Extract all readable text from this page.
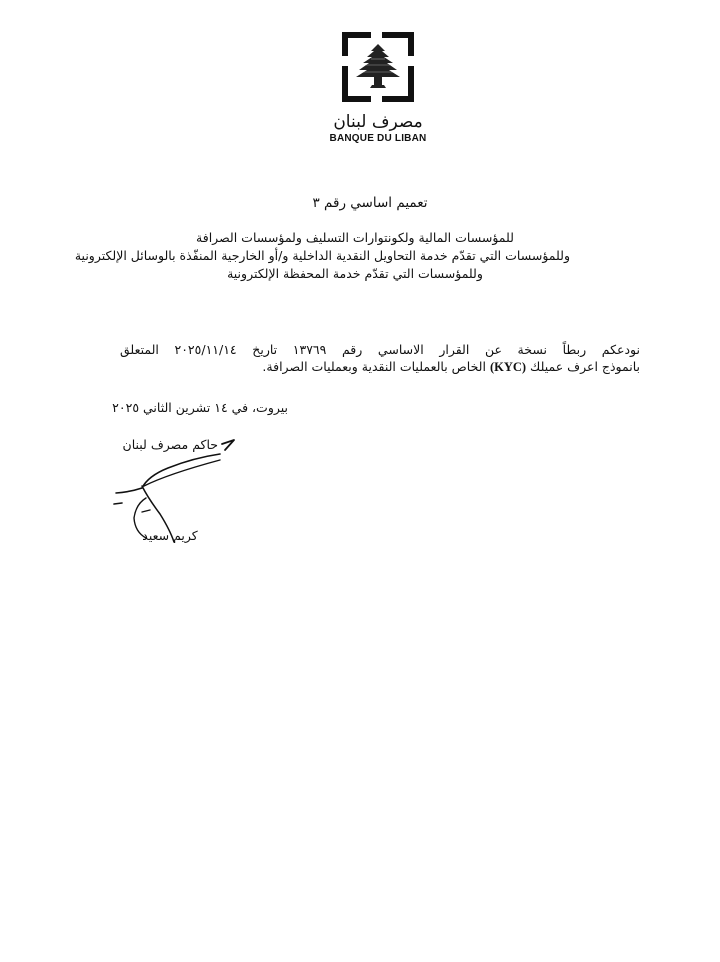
مصرف لبنان
BANQUE DU LIBAN
تعميم اساسي رقم ٣
للمؤسسات المالية ولكونتوارات التسليف ولمؤسسات الصرافة
وللمؤسسات التي تقدّم خدمة التحاويل النقدية الداخلية و/أو الخارجية المنفّذة بالوسائل الإلكترونية
وللمؤسسات التي تقدّم خدمة المحفظة الإلكترونية
نودعكم ربطاً نسخة عن القرار الاساسي رقم ١٣٧٦٩ تاريخ ٢٠٢٥/١١/١٤ المتعلق
بانموذج اعرف عميلك (KYC) الخاص بالعمليات النقدية وبعمليات الصرافة.
بيروت، في ١٤ تشرين الثاني ٢٠٢٥
حاكم مصرف لبنان
كريم سعيد
